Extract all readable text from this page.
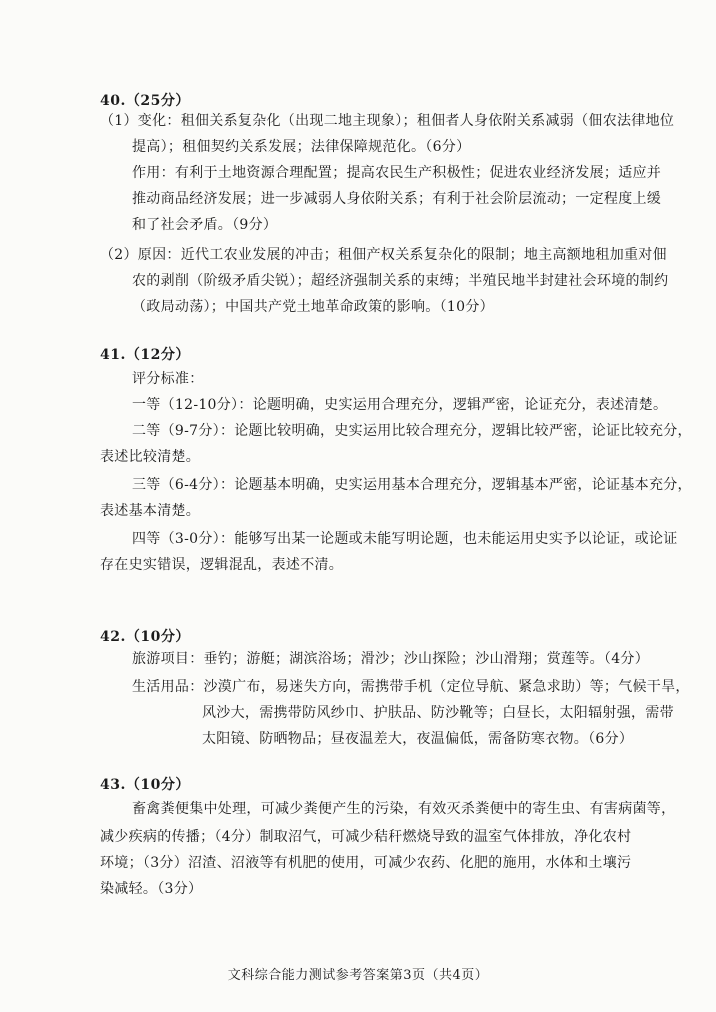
40.（25分）
（1）变化：租佃关系复杂化（出现二地主现象）；租佃者人身依附关系减弱（佃农法律地位
提高）；租佃契约关系发展；法律保障规范化。（6分）
作用：有利于土地资源合理配置；提高农民生产积极性；促进农业经济发展；适应并
推动商品经济发展；进一步减弱人身依附关系；有利于社会阶层流动；一定程度上缓
和了社会矛盾。（9分）
（2）原因：近代工农业发展的冲击；租佃产权关系复杂化的限制；地主高额地租加重对佃
农的剥削（阶级矛盾尖锐）；超经济强制关系的束缚；半殖民地半封建社会环境的制约
（政局动荡）；中国共产党土地革命政策的影响。（10分）
41.（12分）
评分标准：
一等（12-10分）：论题明确，史实运用合理充分，逻辑严密，论证充分，表述清楚。
二等（9-7分）：论题比较明确，史实运用比较合理充分，逻辑比较严密，论证比较充分，
表述比较清楚。
三等（6-4分）：论题基本明确，史实运用基本合理充分，逻辑基本严密，论证基本充分，
表述基本清楚。
四等（3-0分）：能够写出某一论题或未能写明论题，也未能运用史实予以论证，或论证
存在史实错误，逻辑混乱，表述不清。
42.（10分）
旅游项目：垂钓；游艇；湖滨浴场；滑沙；沙山探险；沙山滑翔；赏莲等。（4分）
生活用品：沙漠广布，易迷失方向，需携带手机（定位导航、紧急求助）等；气候干旱，
风沙大，需携带防风纱巾、护肤品、防沙靴等；白昼长，太阳辐射强，需带
太阳镜、防晒物品；昼夜温差大，夜温偏低，需备防寒衣物。（6分）
43.（10分）
畜禽粪便集中处理，可减少粪便产生的污染，有效灭杀粪便中的寄生虫、有害病菌等，
减少疾病的传播；（4分）制取沼气，可减少秸秆燃烧导致的温室气体排放，净化农村
环境；（3分）沼渣、沼液等有机肥的使用，可减少农药、化肥的施用，水体和土壤污
染减轻。（3分）
文科综合能力测试参考答案第3页（共4页）
